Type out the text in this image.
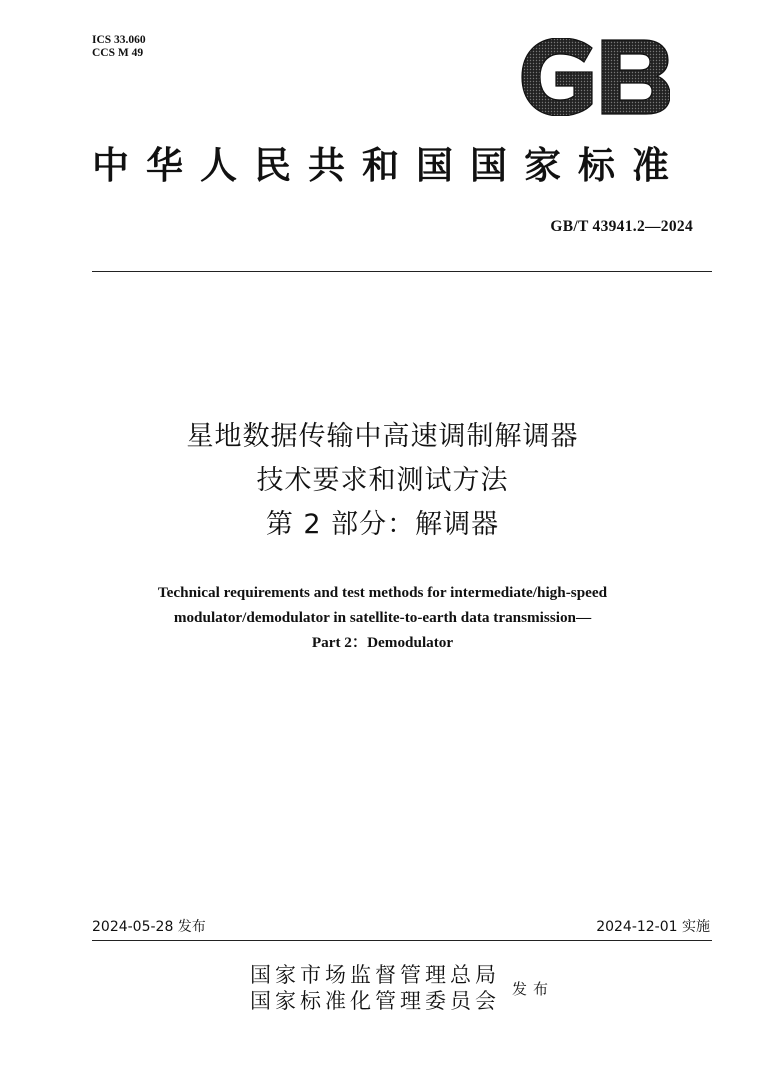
ICS 33.060
CCS M 49
中华人民共和国国家标准
GB/T 43941.2—2024
星地数据传输中高速调制解调器
技术要求和测试方法
第 2 部分：解调器
Technical requirements and test methods for intermediate/high-speed
modulator/demodulator in satellite-to-earth data transmission—
Part 2：Demodulator
2024-05-28 发布	2024-12-01 实施
国家市场监督管理总局
国家标准化管理委员会 发布
